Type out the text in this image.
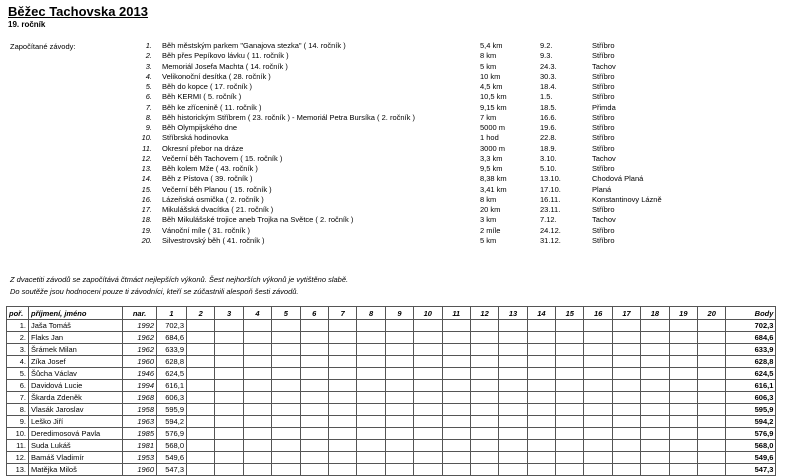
Běžec Tachovska 2013
19. ročník
Započítané závody:	1. Běh městským parkem "Ganajova stezka" ( 14. ročník )	5,4 km	9.2.	Stříbro
2. Běh přes Pepíkovo lávku ( 11. ročník )	8 km	9.3.	Stříbro
3. Memoriál Josefa Machta ( 14. ročník )	5 km	24.3.	Tachov
4. Velikonoční desítka ( 28. ročník )	10 km	30.3.	Stříbro
5. Běh do kopce ( 17. ročník )	4,5 km	18.4.	Stříbro
6. Běh KERMI ( 5. ročník )	10,5 km	1.5.	Stříbro
7. Běh ke zřícenině ( 11. ročník )	9,15 km	18.5.	Přimda
8. Běh historickým Stříbrem ( 23. ročník ) - Memoriál Petra Bursíka ( 2. ročník )	7 km	16.6.	Stříbro
9. Běh Olympijského dne	5000 m	19.6.	Stříbro
10. Stříbrská hodinovka	1 hod	22.8.	Stříbro
11. Okresní přebor na dráze	3000 m	18.9.	Stříbro
12. Večerní běh Tachovem ( 15. ročník )	3,3 km	3.10.	Tachov
13. Běh kolem Mže ( 43. ročník )	9,5 km	5.10.	Stříbro
14. Běh z Pístova ( 39. ročník )	8,38 km	13.10.	Chodová Planá
15. Večerní běh Planou ( 15. ročník )	3,41 km	17.10.	Planá
16. Lázeňská osmička ( 2. ročník )	8 km	16.11.	Konstantinovy Lázně
17. Mikulášská dvacítka ( 21. ročník )	20 km	23.11.	Stříbro
18. Běh Mikulášské trojice aneb Trojka na Světce ( 2. ročník )	3 km	7.12.	Tachov
19. Vánoční míle ( 31. ročník )	2 míle	24.12.	Stříbro
20. Silvestrovský běh ( 41. ročník )	5 km	31.12.	Stříbro
Z dvacetiti závodů se započítává čtmáct nejlepších výkonů. Šest nejhorších výkonů je vytištěno slabě.
Do soutěže jsou hodnoceni pouze ti závodníci, kteří se zúčastnili alespoň šesti závodů.
poř.	příjmení, jméno	nar.	1	2	3	4	5	6	7	8	9	10	11	12	13	14	15	16	17	18	19	20	Body
1.	Jaša Tomáš	1992	702,3																				702,3
2.	Flaks Jan	1962	684,6																				684,6
3.	Šrámek Milan	1962	633,9																				633,9
4.	Zíka Josef	1960	628,8																				628,8
5.	Šůcha Václav	1946	624,5																				624,5
6.	Davidová Lucie	1994	616,1																				616,1
7.	Škarda Zdeněk	1968	606,3																				606,3
8.	Vlasák Jaroslav	1958	595,9																				595,9
9.	Leško Jiří	1963	594,2																				594,2
10.	Deredimosová Pavla	1985	576,9																				576,9
11.	Suda Lukáš	1981	568,0																				568,0
12.	Bamáš Vladimír	1953	549,6																				549,6
13.	Matějka Miloš	1960	547,3																				547,3
